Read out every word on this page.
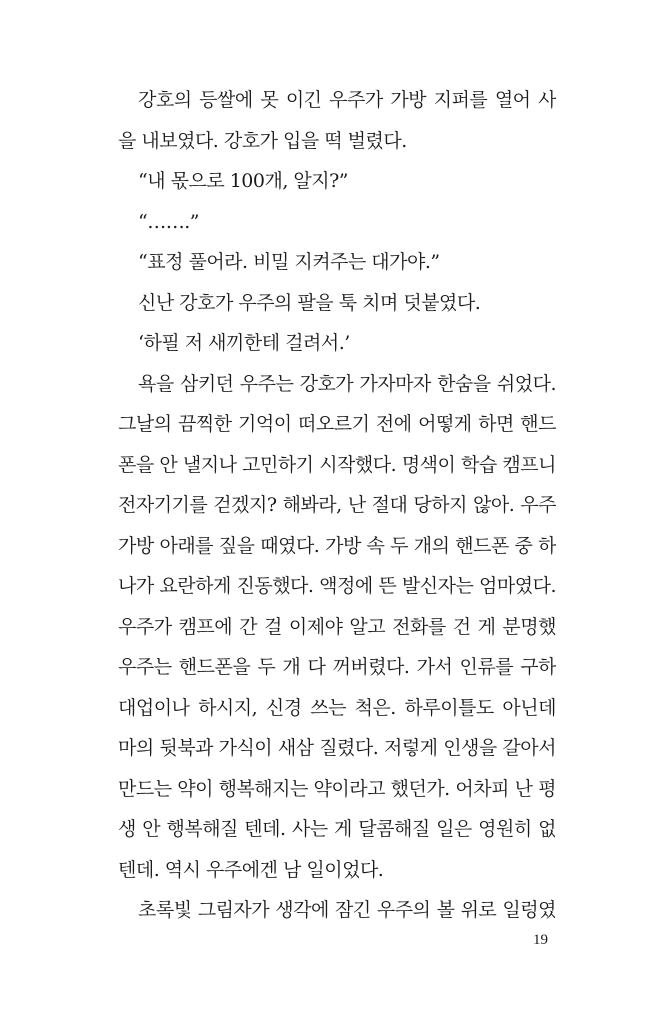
강호의 등쌀에 못 이긴 우주가 가방 지퍼를 열어 사
을 내보였다. 강호가 입을 떡 벌렸다.
“내 몫으로 100개, 알지?”
“…….”
“표정 풀어라. 비밀 지켜주는 대가야.”
신난 강호가 우주의 팔을 툭 치며 덧붙였다.
‘하필 저 새끼한테 걸려서.’
욕을 삼키던 우주는 강호가 가자마자 한숨을 쉬었다.
그날의 끔찍한 기억이 떠오르기 전에 어떻게 하면 핸드
폰을 안 낼지나 고민하기 시작했다. 명색이 학습 캠프니
전자기기를 걷겠지? 해봐라, 난 절대 당하지 않아. 우주
가방 아래를 짚을 때였다. 가방 속 두 개의 핸드폰 중 하
나가 요란하게 진동했다. 액정에 뜬 발신자는 엄마였다.
우주가 캠프에 간 걸 이제야 알고 전화를 건 게 분명했
우주는 핸드폰을 두 개 다 꺼버렸다. 가서 인류를 구하
대업이나 하시지, 신경 쓰는 척은. 하루이틀도 아닌데
마의 뒷북과 가식이 새삼 질렸다. 저렇게 인생을 갈아서
만드는 약이 행복해지는 약이라고 했던가. 어차피 난 평
생 안 행복해질 텐데. 사는 게 달콤해질 일은 영원히 없
텐데. 역시 우주에겐 남 일이었다.
초록빛 그림자가 생각에 잠긴 우주의 볼 위로 일렁였
19
